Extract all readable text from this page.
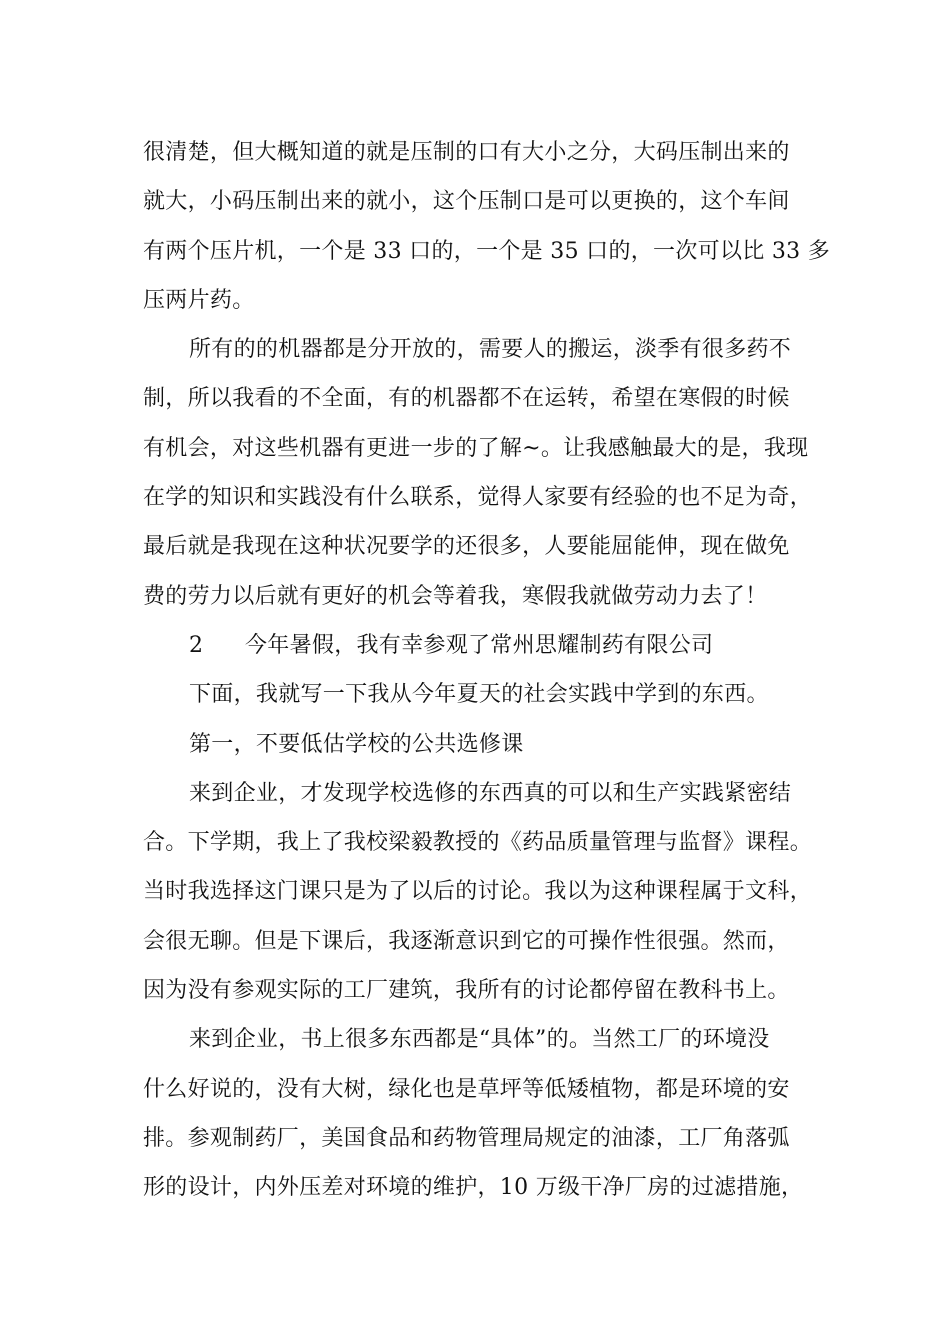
很清楚，但大概知道的就是压制的口有大小之分，大码压制出来的
就大，小码压制出来的就小，这个压制口是可以更换的，这个车间
有两个压片机，一个是 33 口的，一个是 35 口的，一次可以比 33 多
压两片药。
所有的的机器都是分开放的，需要人的搬运，淡季有很多药不
制，所以我看的不全面，有的机器都不在运转，希望在寒假的时候
有机会，对这些机器有更进一步的了解~。让我感触最大的是，我现
在学的知识和实践没有什么联系，觉得人家要有经验的也不足为奇，
最后就是我现在这种状况要学的还很多，人要能屈能伸，现在做免
费的劳力以后就有更好的机会等着我，寒假我就做劳动力去了！
2 今年暑假，我有幸参观了常州思耀制药有限公司
下面，我就写一下我从今年夏天的社会实践中学到的东西。
第一，不要低估学校的公共选修课
来到企业，才发现学校选修的东西真的可以和生产实践紧密结
合。下学期，我上了我校梁毅教授的《药品质量管理与监督》课程。
当时我选择这门课只是为了以后的讨论。我以为这种课程属于文科，
会很无聊。但是下课后，我逐渐意识到它的可操作性很强。然而，
因为没有参观实际的工厂建筑，我所有的讨论都停留在教科书上。
来到企业，书上很多东西都是“具体”的。当然工厂的环境没
什么好说的，没有大树，绿化也是草坪等低矮植物，都是环境的安
排。参观制药厂，美国食品和药物管理局规定的油漆，工厂角落弧
形的设计，内外压差对环境的维护，10 万级干净厂房的过滤措施，
